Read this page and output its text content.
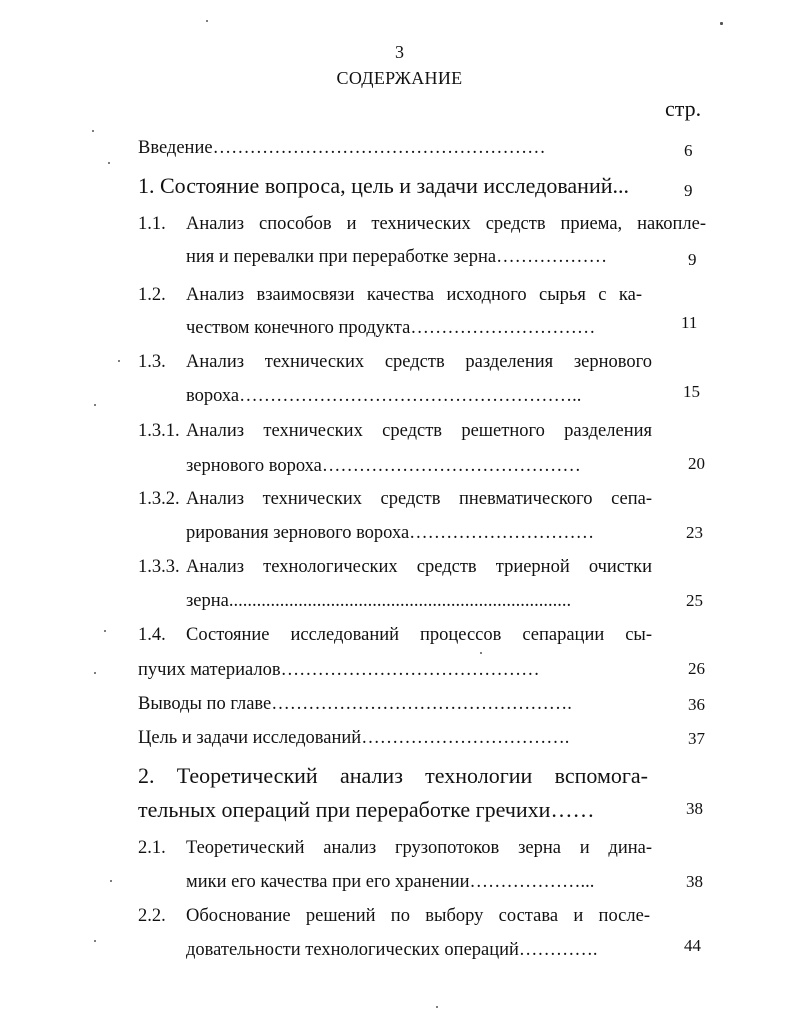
3
СОДЕРЖАНИЕ
стр.
Введение………………………………………………	6
1. Состояние вопроса, цель и задачи исследований...	9
1.1. Анализ способов и технических средств приема, накопле-
ния и перевалки при переработке зерна………………	9
1.2. Анализ взаимосвязи качества исходного сырья с ка-
чеством конечного продукта…………………………	11
1.3. Анализ технических средств разделения зернового
вороха………………………………………………..	15
1.3.1. Анализ технических средств решетного разделения
зернового вороха……………………………………	20
1.3.2. Анализ технических средств пневматического сепа-
рирования зернового вороха…………………………	23
1.3.3. Анализ технологических средств триерной очистки
зерна..........................................................................	25
1.4. Состояние исследований процессов сепарации сы-
пучих материалов……………………………………	26
Выводы по главе………………………………………….	36
Цель и задачи исследований…………………………….	37
2. Теоретический анализ технологии вспомога-
тельных операций при переработке гречихи……	38
2.1. Теоретический анализ грузопотоков зерна и дина-
мики его качества при его хранении………………...	38
2.2. Обоснование решений по выбору состава и после-
довательности технологических операций………….	44
